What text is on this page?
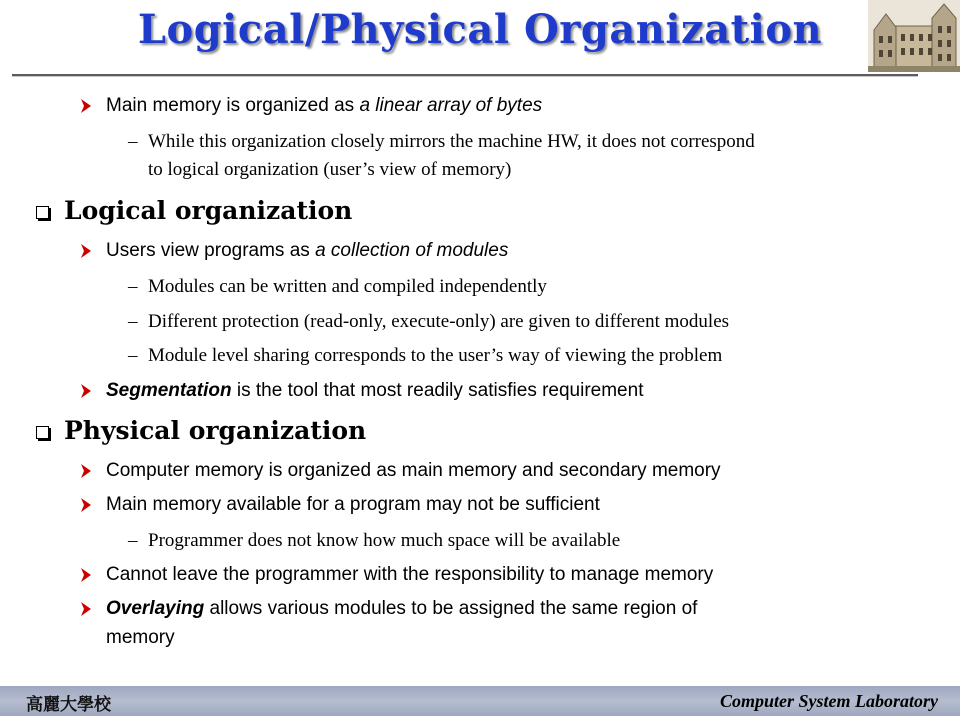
Logical/Physical Organization
Main memory is organized as a linear array of bytes
– While this organization closely mirrors the machine HW, it does not correspond
to logical organization (user’s view of memory)
Logical organization
Users view programs as a collection of modules
– Modules can be written and compiled independently
– Different protection (read-only, execute-only) are given to different modules
– Module level sharing corresponds to the user’s way of viewing the problem
Segmentation is the tool that most readily satisfies requirement
Physical organization
Computer memory is organized as main memory and secondary memory
Main memory available for a program may not be sufficient
– Programmer does not know how much space will be available
Cannot leave the programmer with the responsibility to manage memory
Overlaying allows various modules to be assigned the same region of
memory
高麗大學校	Computer System Laboratory
